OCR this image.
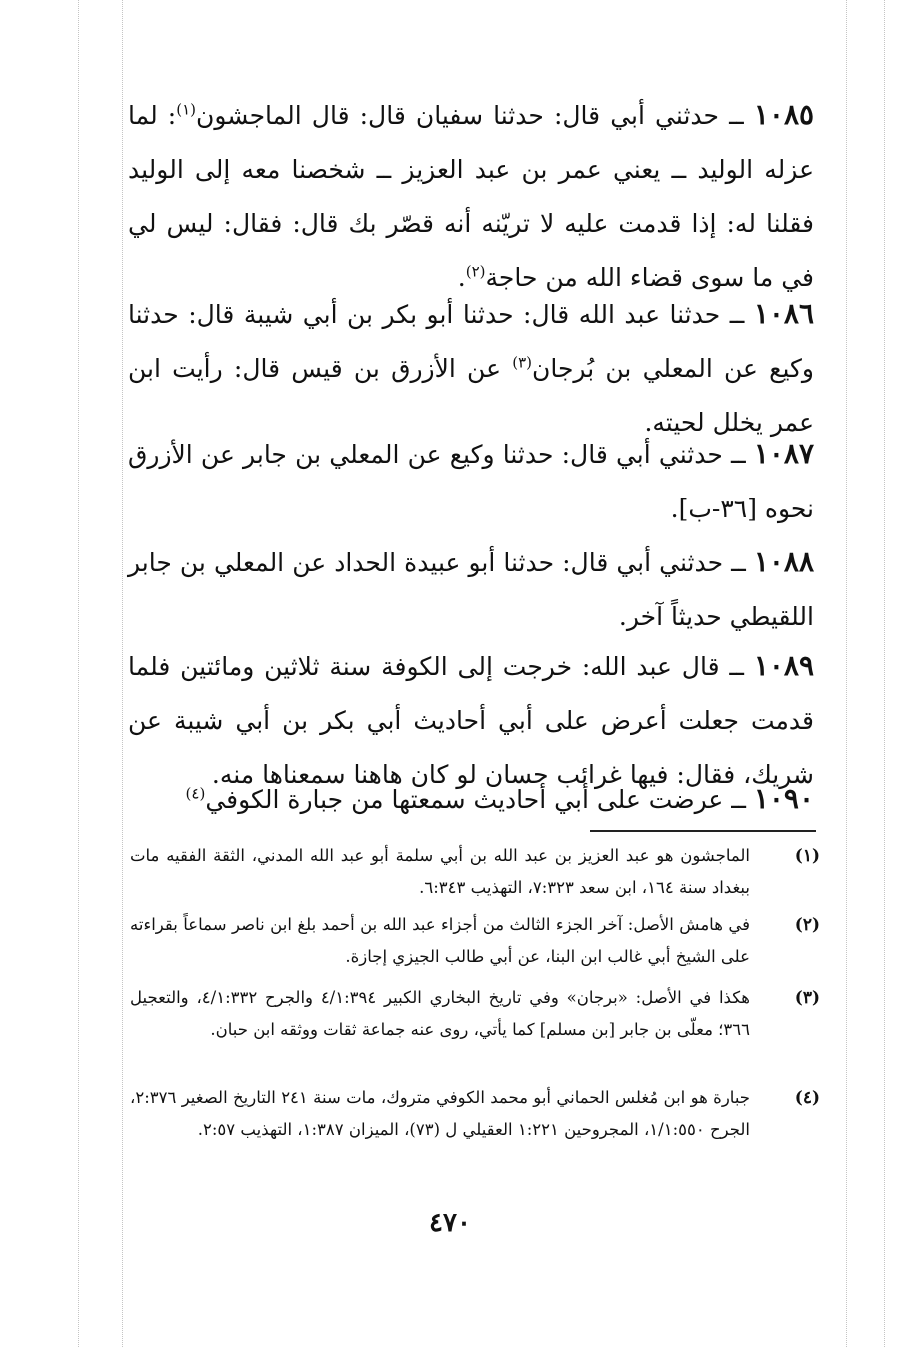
١٠٨٥ ــ حدثني أبي قال: حدثنا سفيان قال: قال الماجشون$^{(١)}$: لما عزله الوليد ــ يعني عمر بن عبد العزيز ــ شخصنا معه إلى الوليد فقلنا له: إذا قدمت عليه لا تريّنه أنه قصّر بك قال: فقال: ليس لي في ما سوى قضاء الله من حاجة$^{(٢)}$.
١٠٨٦ ــ حدثنا عبد الله قال: حدثنا أبو بكر بن أبي شيبة قال: حدثنا وكيع عن المعلي بن بُرجان$^{(٣)}$ عن الأزرق بن قيس قال: رأيت ابن عمر يخلل لحيته.
١٠٨٧ ــ حدثني أبي قال: حدثنا وكيع عن المعلي بن جابر عن الأزرق نحوه [٣٦-ب].
١٠٨٨ ــ حدثني أبي قال: حدثنا أبو عبيدة الحداد عن المعلي بن جابر اللقيطي حديثاً آخر.
١٠٨٩ ــ قال عبد الله: خرجت إلى الكوفة سنة ثلاثين ومائتين فلما قدمت جعلت أعرض على أبي أحاديث أبي بكر بن أبي شيبة عن شريك، فقال: فيها غرائب حسان لو كان هاهنا سمعناها منه.
١٠٩٠ ــ عرضت على أبي أحاديث سمعتها من جبارة الكوفي$^{(٤)}$
(١)
الماجشون هو عبد العزيز بن عبد الله بن أبي سلمة أبو عبد الله المدني، الثقة الفقيه مات ببغداد سنة ١٦٤، ابن سعد ٧:٣٢٣، التهذيب ٦:٣٤٣.
(٢)
في هامش الأصل: آخر الجزء الثالث من أجزاء عبد الله بن أحمد بلغ ابن ناصر سماعاً بقراءته على الشيخ أبي غالب ابن البنا، عن أبي طالب الجيزي إجازة.
(٣)
هكذا في الأصل: «برجان» وفي تاريخ البخاري الكبير ٤/١:٣٩٤ والجرح ٤/١:٣٣٢، والتعجيل ٣٦٦؛ معلّى بن جابر [بن مسلم] كما يأتي، روى عنه جماعة ثقات ووثقه ابن حبان.
(٤)
جبارة هو ابن مُغلس الحماني أبو محمد الكوفي متروك، مات سنة ٢٤١ التاريخ الصغير ٢:٣٧٦، الجرح ١/١:٥٥٠، المجروحين ١:٢٢١ العقيلي ل (٧٣)، الميزان ١:٣٨٧، التهذيب ٢:٥٧.
٤٧٠
